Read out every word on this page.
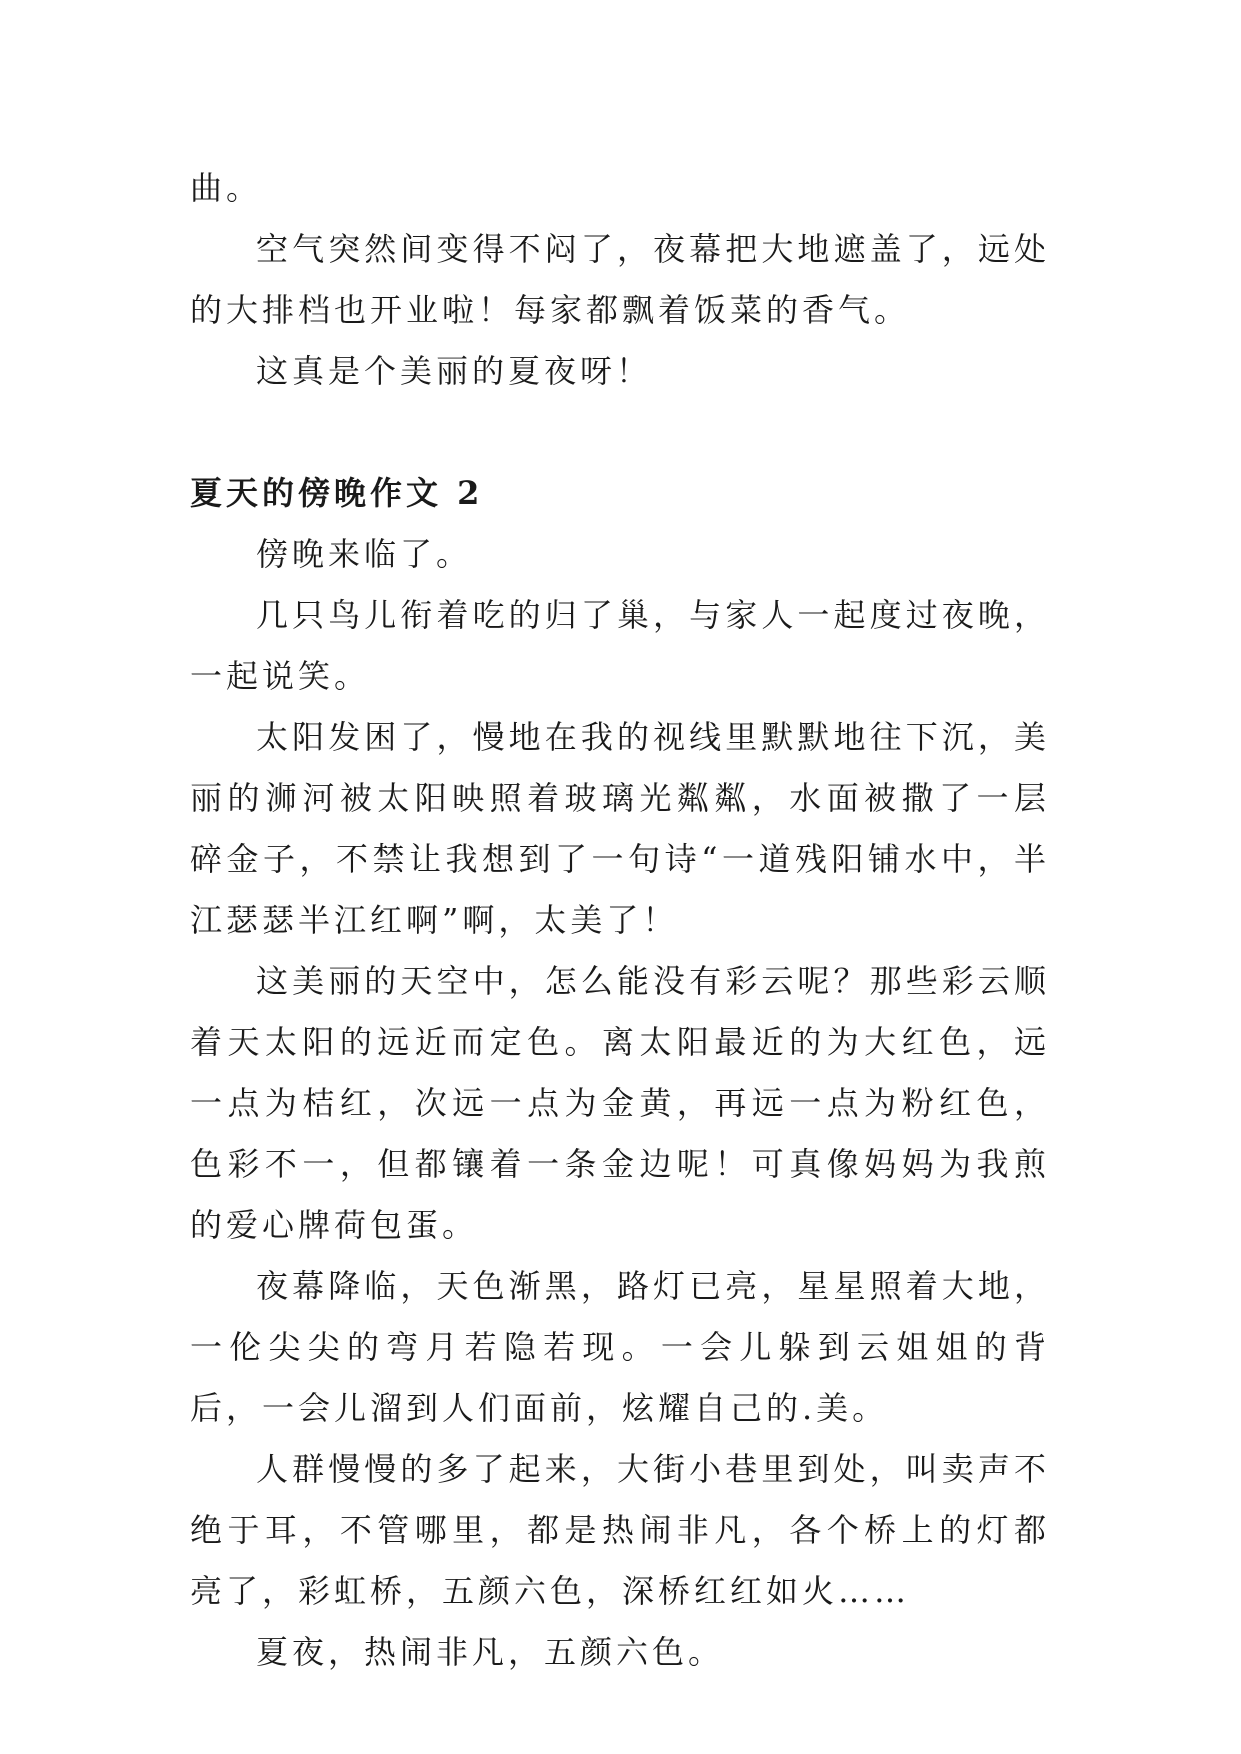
曲。

空气突然间变得不闷了，夜幕把大地遮盖了，远处的大排档也开业啦！每家都飘着饭菜的香气。

这真是个美丽的夏夜呀！

夏天的傍晚作文 2

傍晚来临了。

几只鸟儿衔着吃的归了巢，与家人一起度过夜晚，一起说笑。

太阳发困了，慢地在我的视线里默默地往下沉，美丽的浉河被太阳映照着玻璃光粼粼，水面被撒了一层碎金子，不禁让我想到了一句诗“一道残阳铺水中，半江瑟瑟半江红啊”啊，太美了！

这美丽的天空中，怎么能没有彩云呢？那些彩云顺着天太阳的远近而定色。离太阳最近的为大红色，远一点为桔红，次远一点为金黄，再远一点为粉红色，色彩不一，但都镶着一条金边呢！可真像妈妈为我煎的爱心牌荷包蛋。

夜幕降临，天色渐黑，路灯已亮，星星照着大地，一伦尖尖的弯月若隐若现。一会儿躲到云姐姐的背后，一会儿溜到人们面前，炫耀自己的.美。

人群慢慢的多了起来，大街小巷里到处，叫卖声不绝于耳，不管哪里，都是热闹非凡，各个桥上的灯都亮了，彩虹桥，五颜六色，深桥红红如火……

夏夜，热闹非凡，五颜六色。
